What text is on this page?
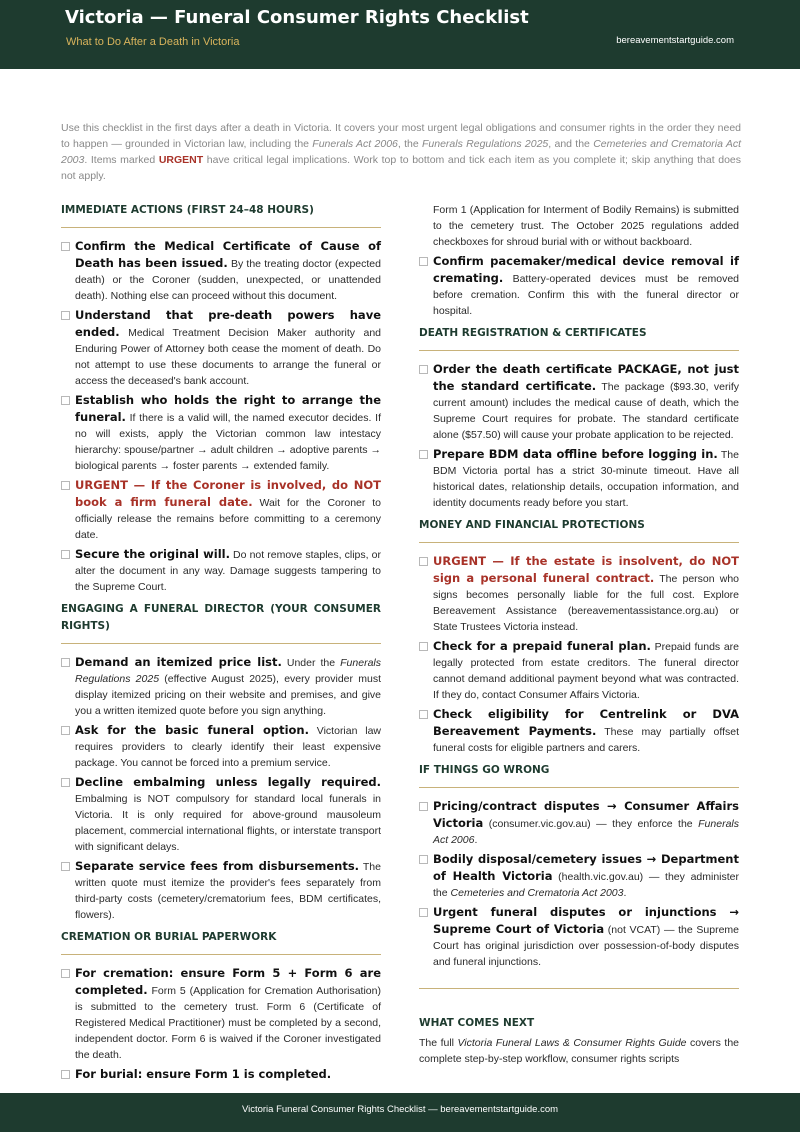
Victoria — Funeral Consumer Rights Checklist
What to Do After a Death in Victoria	bereavementstartguide.com

Use this checklist in the first days after a death in Victoria. It covers your most urgent legal obligations and consumer rights in the order they need to happen — grounded in Victorian law, including the Funerals Act 2006, the Funerals Regulations 2025, and the Cemeteries and Crematoria Act 2003. Items marked URGENT have critical legal implications. Work top to bottom and tick each item as you complete it; skip anything that does not apply.

IMMEDIATE ACTIONS (FIRST 24–48 HOURS)
Confirm the Medical Certificate of Cause of Death has been issued. By the treating doctor (expected death) or the Coroner (sudden, unexpected, or unattended death). Nothing else can proceed without this document.
Understand that pre-death powers have ended. Medical Treatment Decision Maker authority and Enduring Power of Attorney both cease the moment of death. Do not attempt to use these documents to arrange the funeral or access the deceased's bank account.
Establish who holds the right to arrange the funeral. If there is a valid will, the named executor decides. If no will exists, apply the Victorian common law intestacy hierarchy: spouse/partner → adult children → adoptive parents → biological parents → foster parents → extended family.
URGENT — If the Coroner is involved, do NOT book a firm funeral date. Wait for the Coroner to officially release the remains before committing to a ceremony date.
Secure the original will. Do not remove staples, clips, or alter the document in any way. Damage suggests tampering to the Supreme Court.
ENGAGING A FUNERAL DIRECTOR (YOUR CONSUMER RIGHTS)
Demand an itemized price list. Under the Funerals Regulations 2025 (effective August 2025), every provider must display itemized pricing on their website and premises, and give you a written itemized quote before you sign anything.
Ask for the basic funeral option. Victorian law requires providers to clearly identify their least expensive package. You cannot be forced into a premium service.
Decline embalming unless legally required. Embalming is NOT compulsory for standard local funerals in Victoria. It is only required for above-ground mausoleum placement, commercial international flights, or interstate transport with significant delays.
Separate service fees from disbursements. The written quote must itemize the provider's fees separately from third-party costs (cemetery/crematorium fees, BDM certificates, flowers).
CREMATION OR BURIAL PAPERWORK
For cremation: ensure Form 5 + Form 6 are completed. Form 5 (Application for Cremation Authorisation) is submitted to the cemetery trust. Form 6 (Certificate of Registered Medical Practitioner) must be completed by a second, independent doctor. Form 6 is waived if the Coroner investigated the death.
For burial: ensure Form 1 is completed.
Form 1 (Application for Interment of Bodily Remains) is submitted to the cemetery trust. The October 2025 regulations added checkboxes for shroud burial with or without backboard.
Confirm pacemaker/medical device removal if cremating. Battery-operated devices must be removed before cremation. Confirm this with the funeral director or hospital.
DEATH REGISTRATION & CERTIFICATES
Order the death certificate PACKAGE, not just the standard certificate. The package ($93.30, verify current amount) includes the medical cause of death, which the Supreme Court requires for probate. The standard certificate alone ($57.50) will cause your probate application to be rejected.
Prepare BDM data offline before logging in. The BDM Victoria portal has a strict 30-minute timeout. Have all historical dates, relationship details, occupation information, and identity documents ready before you start.
MONEY AND FINANCIAL PROTECTIONS
URGENT — If the estate is insolvent, do NOT sign a personal funeral contract. The person who signs becomes personally liable for the full cost. Explore Bereavement Assistance (bereavementassistance.org.au) or State Trustees Victoria instead.
Check for a prepaid funeral plan. Prepaid funds are legally protected from estate creditors. The funeral director cannot demand additional payment beyond what was contracted. If they do, contact Consumer Affairs Victoria.
Check eligibility for Centrelink or DVA Bereavement Payments. These may partially offset funeral costs for eligible partners and carers.
IF THINGS GO WRONG
Pricing/contract disputes → Consumer Affairs Victoria (consumer.vic.gov.au) — they enforce the Funerals Act 2006.
Bodily disposal/cemetery issues → Department of Health Victoria (health.vic.gov.au) — they administer the Cemeteries and Crematoria Act 2003.
Urgent funeral disputes or injunctions → Supreme Court of Victoria (not VCAT) — the Supreme Court has original jurisdiction over possession-of-body disputes and funeral injunctions.
WHAT COMES NEXT
The full Victoria Funeral Laws & Consumer Rights Guide covers the complete step-by-step workflow, consumer rights scripts
Victoria Funeral Consumer Rights Checklist — bereavementstartguide.com
